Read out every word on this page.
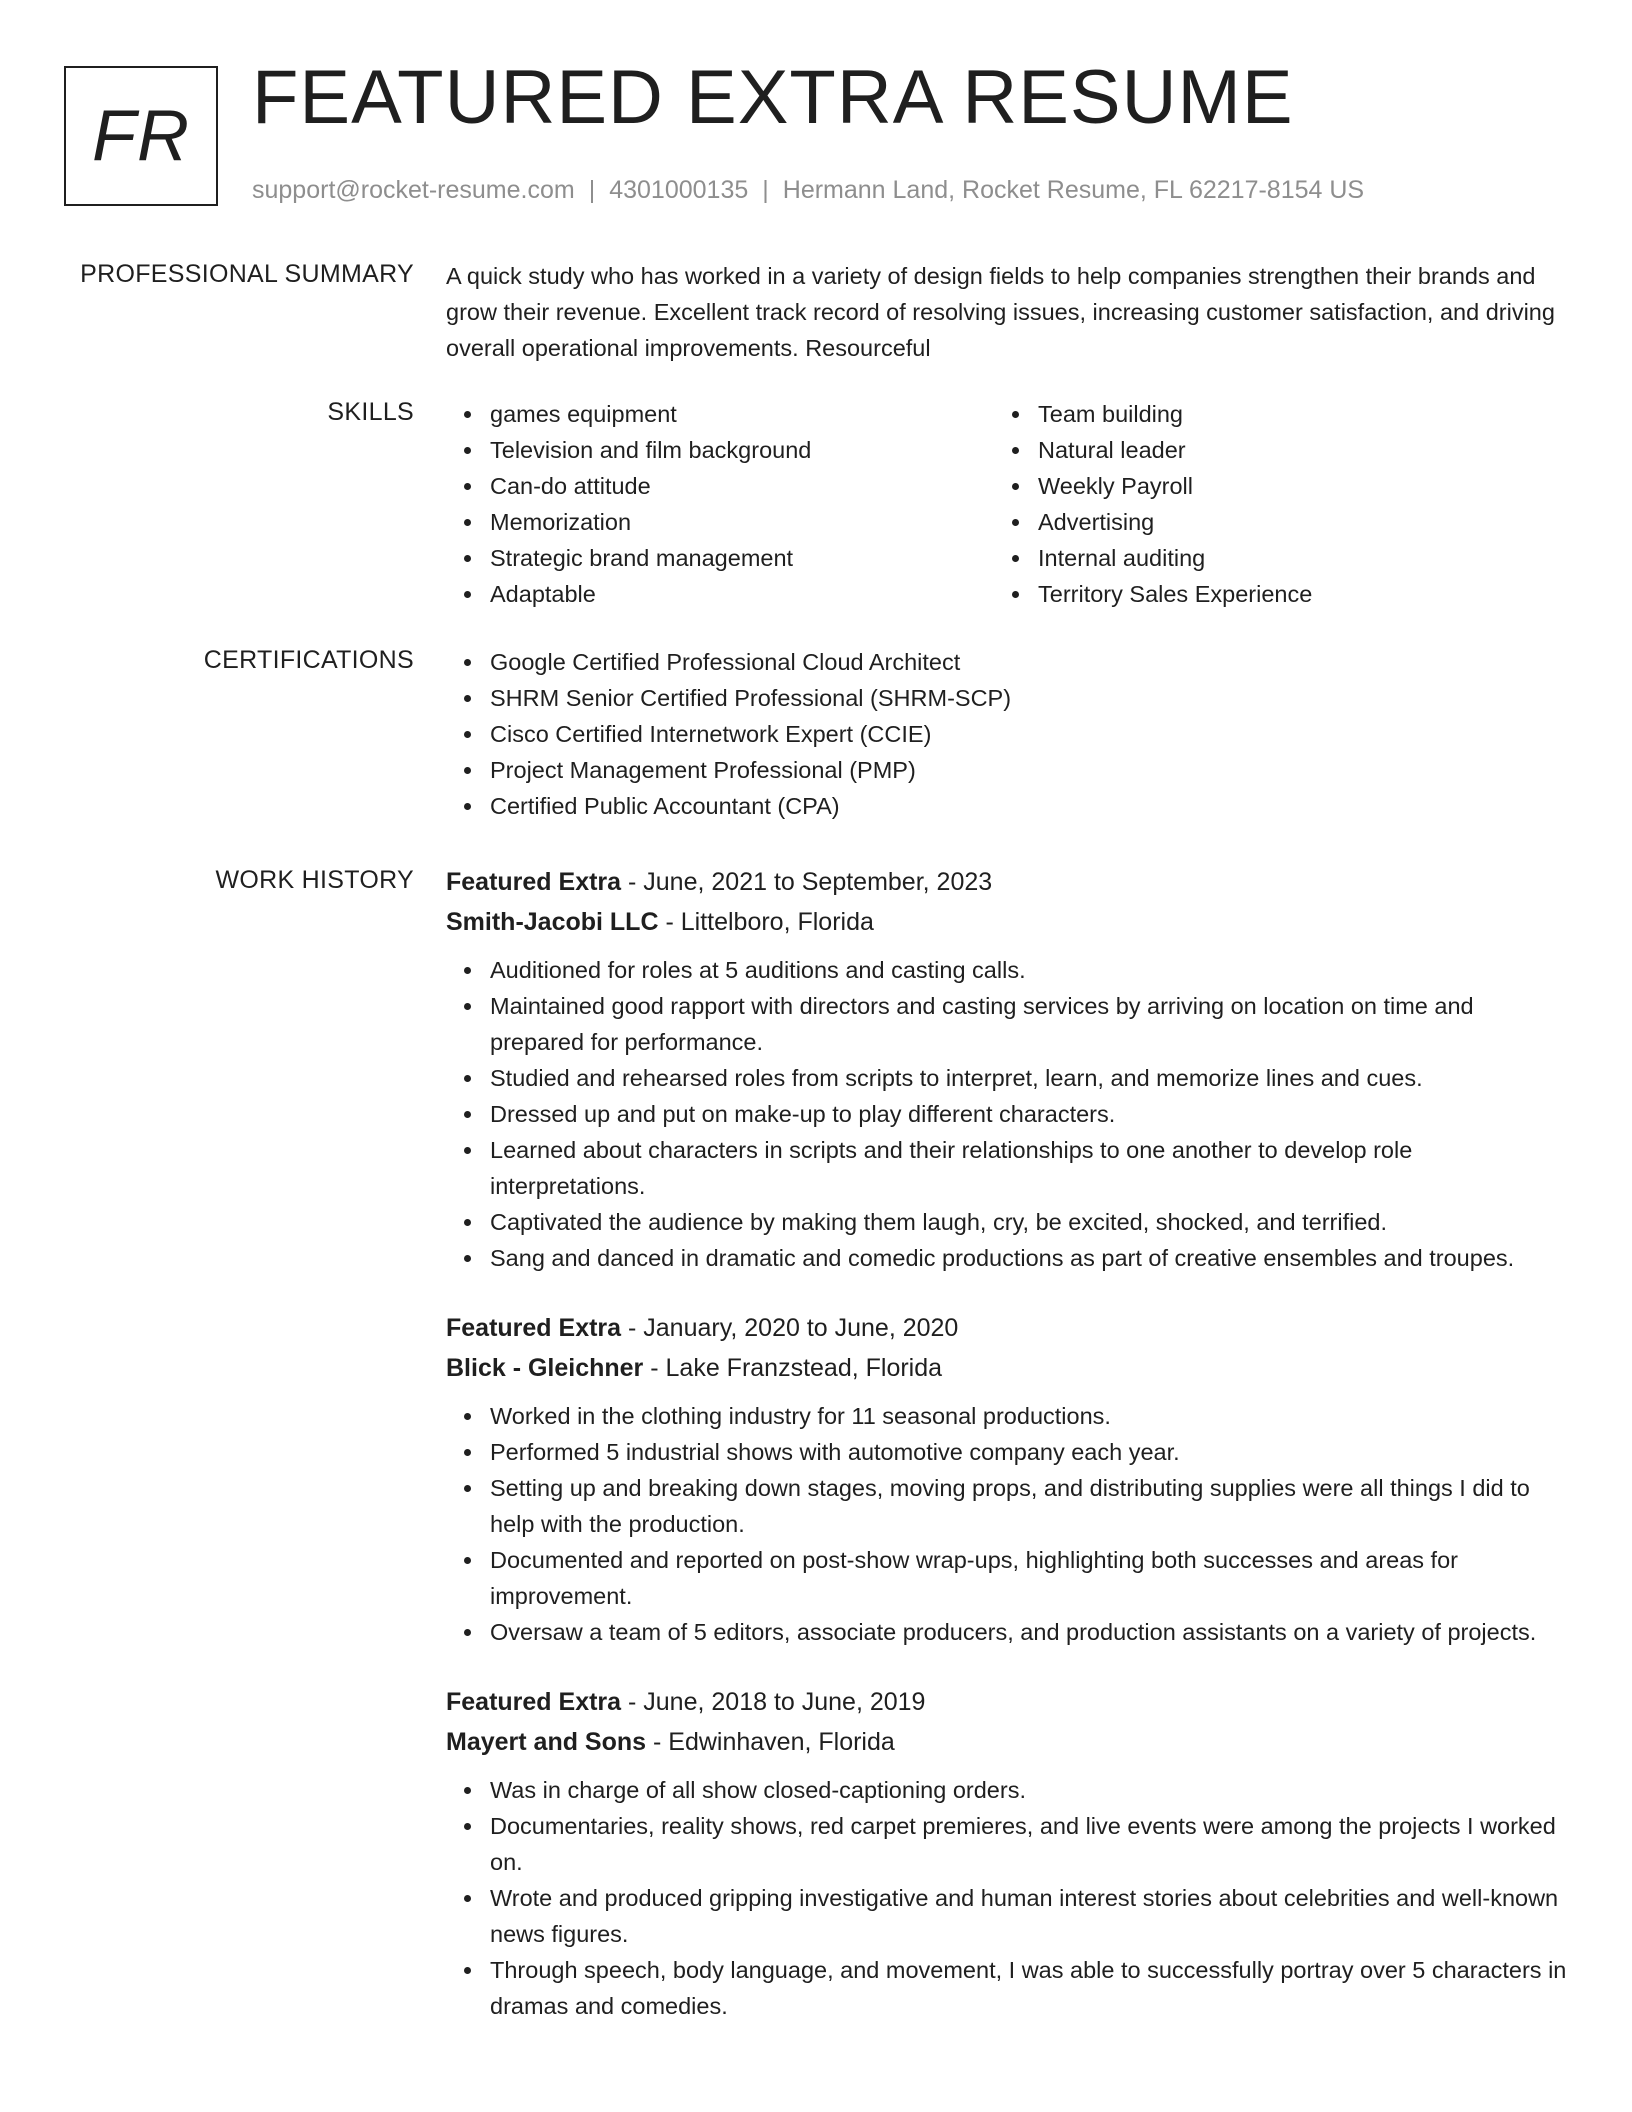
FR FEATURED EXTRA RESUME
support@rocket-resume.com | 4301000135 | Hermann Land, Rocket Resume, FL 62217-8154 US
PROFESSIONAL SUMMARY A quick study who has worked in a variety of design fields to help companies strengthen their brands and grow their revenue. Excellent track record of resolving issues, increasing customer satisfaction, and driving overall operational improvements. Resourceful
SKILLS	games equipment
Television and film background
Can-do attitude
Memorization
Strategic brand management
Adaptable
Team building
Natural leader
Weekly Payroll
Advertising
Internal auditing
Territory Sales Experience
CERTIFICATIONS	Google Certified Professional Cloud Architect
SHRM Senior Certified Professional (SHRM-SCP)
Cisco Certified Internetwork Expert (CCIE)
Project Management Professional (PMP)
Certified Public Accountant (CPA)
WORK HISTORY Featured Extra - June, 2021 to September, 2023
Smith-Jacobi LLC - Littelboro, Florida
Auditioned for roles at 5 auditions and casting calls.
Maintained good rapport with directors and casting services by arriving on location on time and prepared for performance.
Studied and rehearsed roles from scripts to interpret, learn, and memorize lines and cues.
Dressed up and put on make-up to play different characters.
Learned about characters in scripts and their relationships to one another to develop role interpretations.
Captivated the audience by making them laugh, cry, be excited, shocked, and terrified.
Sang and danced in dramatic and comedic productions as part of creative ensembles and troupes.
Featured Extra - January, 2020 to June, 2020
Blick - Gleichner - Lake Franzstead, Florida
Worked in the clothing industry for 11 seasonal productions.
Performed 5 industrial shows with automotive company each year.
Setting up and breaking down stages, moving props, and distributing supplies were all things I did to help with the production.
Documented and reported on post-show wrap-ups, highlighting both successes and areas for improvement.
Oversaw a team of 5 editors, associate producers, and production assistants on a variety of projects.
Featured Extra - June, 2018 to June, 2019
Mayert and Sons - Edwinhaven, Florida
Was in charge of all show closed-captioning orders.
Documentaries, reality shows, red carpet premieres, and live events were among the projects I worked on.
Wrote and produced gripping investigative and human interest stories about celebrities and well-known news figures.
Through speech, body language, and movement, I was able to successfully portray over 5 characters in dramas and comedies.
